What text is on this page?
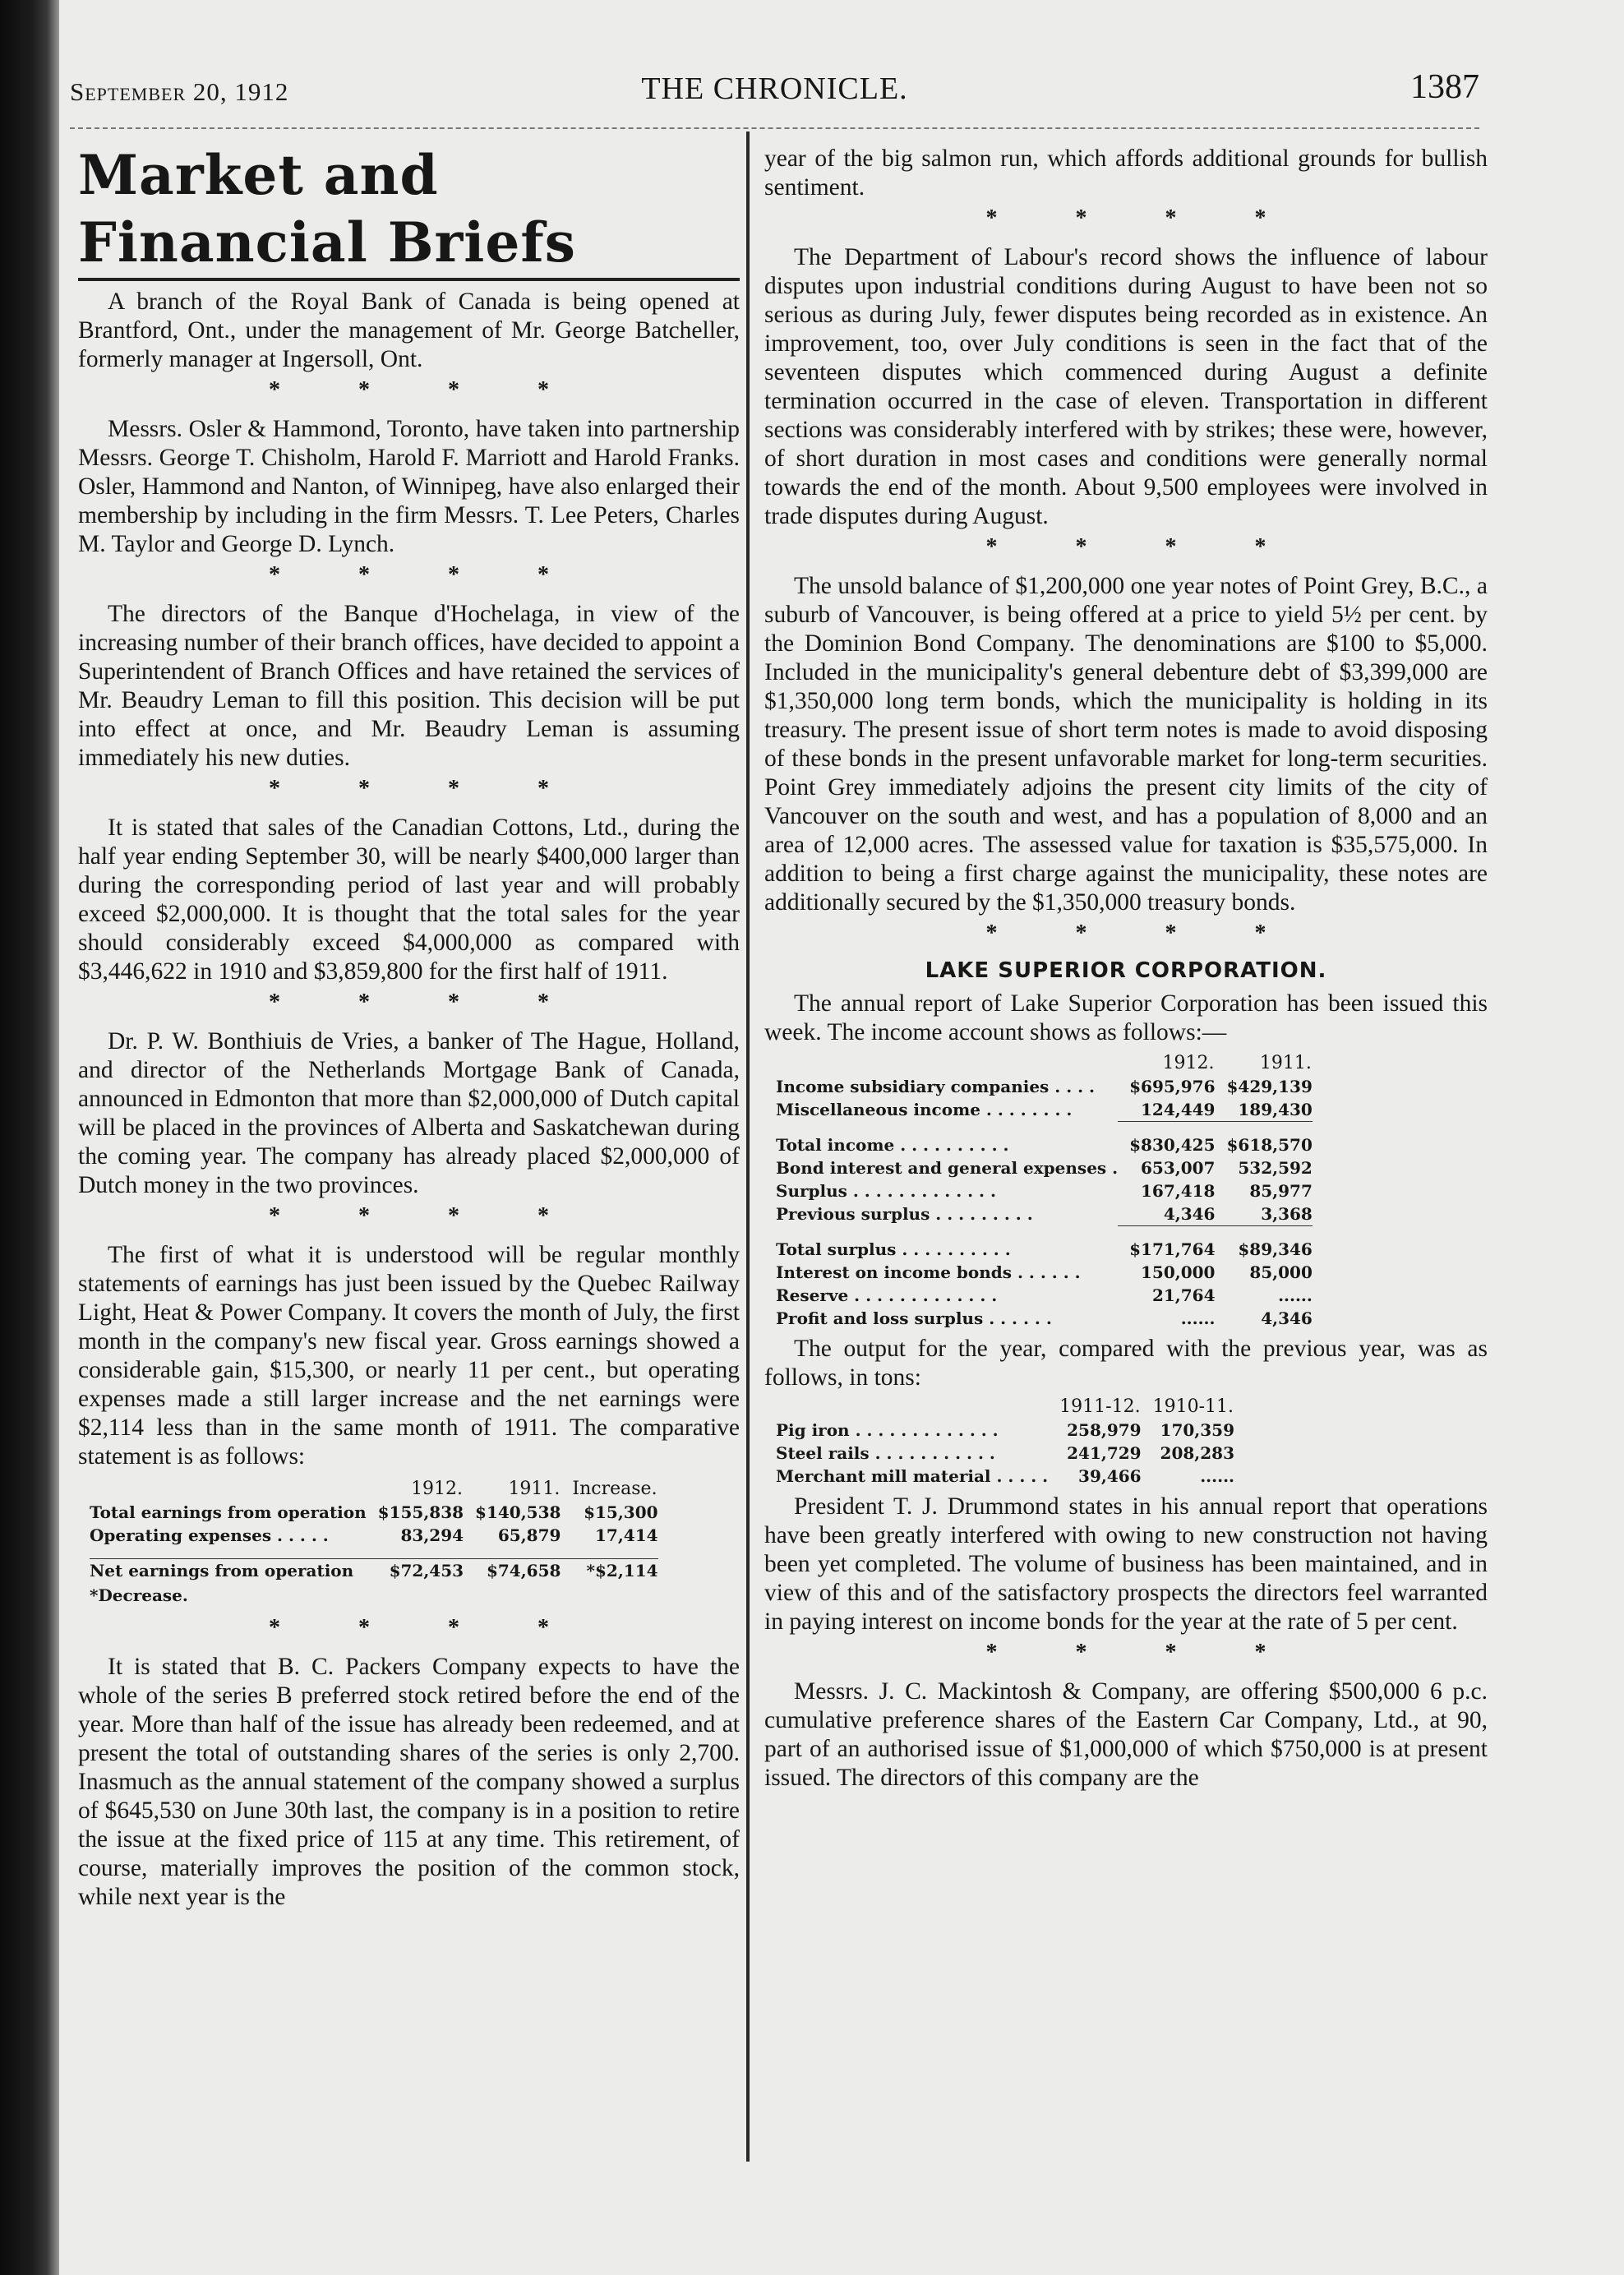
September 20, 1912	THE CHRONICLE.	1387
Market and Financial Briefs

A branch of the Royal Bank of Canada is being opened at Brantford, Ont., under the management of Mr. George Batcheller, formerly manager at Ingersoll, Ont.

* * * *

Messrs. Osler & Hammond, Toronto, have taken into partnership Messrs. George T. Chisholm, Harold F. Marriott and Harold Franks. Osler, Hammond and Nanton, of Winnipeg, have also enlarged their membership by including in the firm Messrs. T. Lee Peters, Charles M. Taylor and George D. Lynch.

* * * *

The directors of the Banque d'Hochelaga, in view of the increasing number of their branch offices, have decided to appoint a Superintendent of Branch Offices and have retained the services of Mr. Beaudry Leman to fill this position. This decision will be put into effect at once, and Mr. Beaudry Leman is assuming immediately his new duties.

* * * *

It is stated that sales of the Canadian Cottons, Ltd., during the half year ending September 30, will be nearly $400,000 larger than during the corresponding period of last year and will probably exceed $2,000,000. It is thought that the total sales for the year should considerably exceed $4,000,000 as compared with $3,446,622 in 1910 and $3,859,800 for the first half of 1911.

* * * *

Dr. P. W. Bonthiuis de Vries, a banker of The Hague, Holland, and director of the Netherlands Mortgage Bank of Canada, announced in Edmonton that more than $2,000,000 of Dutch capital will be placed in the provinces of Alberta and Saskatchewan during the coming year. The company has already placed $2,000,000 of Dutch money in the two provinces.

* * * *

The first of what it is understood will be regular monthly statements of earnings has just been issued by the Quebec Railway Light, Heat & Power Company. It covers the month of July, the first month in the company's new fiscal year. Gross earnings showed a considerable gain, $15,300, or nearly 11 per cent., but operating expenses made a still larger increase and the net earnings were $2,114 less than in the same month of 1911. The comparative statement is as follows:

	1912.	1911.	Increase.
Total earnings from operation	$155,838	$140,538	$15,300
Operating expenses . . . . .	83,294	65,879	17,414

Net earnings from operation	$72,453	$74,658	*$2,114
*Decrease.
* * * *

It is stated that B. C. Packers Company expects to have the whole of the series B preferred stock retired before the end of the year. More than half of the issue has already been redeemed, and at present the total of outstanding shares of the series is only 2,700. Inasmuch as the annual statement of the company showed a surplus of $645,530 on June 30th last, the company is in a position to retire the issue at the fixed price of 115 at any time. This retirement, of course, materially improves the position of the common stock, while next year is the

year of the big salmon run, which affords additional grounds for bullish sentiment.

* * * *

The Department of Labour's record shows the influence of labour disputes upon industrial conditions during August to have been not so serious as during July, fewer disputes being recorded as in existence. An improvement, too, over July conditions is seen in the fact that of the seventeen disputes which commenced during August a definite termination occurred in the case of eleven. Transportation in different sections was considerably interfered with by strikes; these were, however, of short duration in most cases and conditions were generally normal towards the end of the month. About 9,500 employees were involved in trade disputes during August.

* * * *

The unsold balance of $1,200,000 one year notes of Point Grey, B.C., a suburb of Vancouver, is being offered at a price to yield 5½ per cent. by the Dominion Bond Company. The denominations are $100 to $5,000. Included in the municipality's general debenture debt of $3,399,000 are $1,350,000 long term bonds, which the municipality is holding in its treasury. The present issue of short term notes is made to avoid disposing of these bonds in the present unfavorable market for long-term securities. Point Grey immediately adjoins the present city limits of the city of Vancouver on the south and west, and has a population of 8,000 and an area of 12,000 acres. The assessed value for taxation is $35,575,000. In addition to being a first charge against the municipality, these notes are additionally secured by the $1,350,000 treasury bonds.

* * * *
LAKE SUPERIOR CORPORATION.

The annual report of Lake Superior Corporation has been issued this week. The income account shows as follows:—

	1912.	1911.
Income subsidiary companies . . . .	$695,976	$429,139
Miscellaneous income . . . . . . . .	124,449	189,430

Total income . . . . . . . . . .	$830,425	$618,570
Bond interest and general expenses .	653,007	532,592
Surplus . . . . . . . . . . . . .	167,418	85,977
Previous surplus . . . . . . . . .	4,346	3,368

Total surplus . . . . . . . . . .	$171,764	$89,346
Interest on income bonds . . . . . .	150,000	85,000
Reserve . . . . . . . . . . . . .	21,764	......
Profit and loss surplus . . . . . .	......	4,346

The output for the year, compared with the previous year, was as follows, in tons:

	1911-12.	1910-11.
Pig iron . . . . . . . . . . . . .	258,979	170,359
Steel rails . . . . . . . . . . .	241,729	208,283
Merchant mill material . . . . .	39,466	......

President T. J. Drummond states in his annual report that operations have been greatly interfered with owing to new construction not having been yet completed. The volume of business has been maintained, and in view of this and of the satisfactory prospects the directors feel warranted in paying interest on income bonds for the year at the rate of 5 per cent.

* * * *

Messrs. J. C. Mackintosh & Company, are offering $500,000 6 p.c. cumulative preference shares of the Eastern Car Company, Ltd., at 90, part of an authorised issue of $1,000,000 of which $750,000 is at present issued. The directors of this company are the
